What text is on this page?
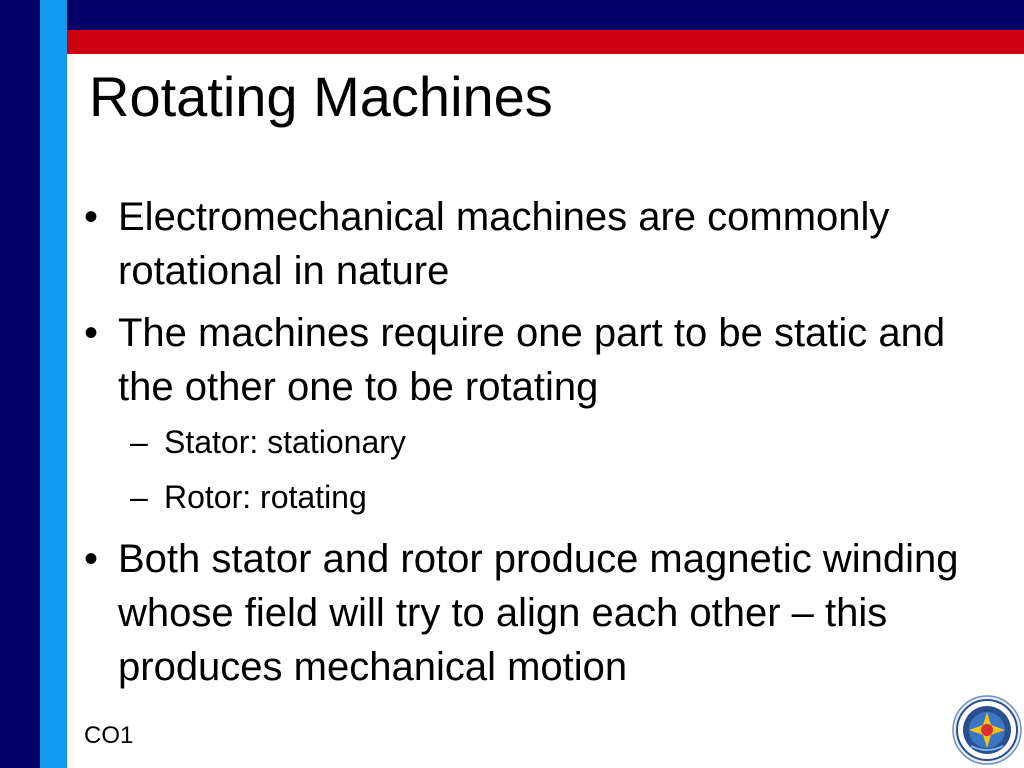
Rotating Machines
• Electromechanical machines are commonly rotational in nature
• The machines require one part to be static and the other one to be rotating
– Stator: stationary
– Rotor: rotating
• Both stator and rotor produce magnetic winding whose field will try to align each other – this produces mechanical motion
CO1
